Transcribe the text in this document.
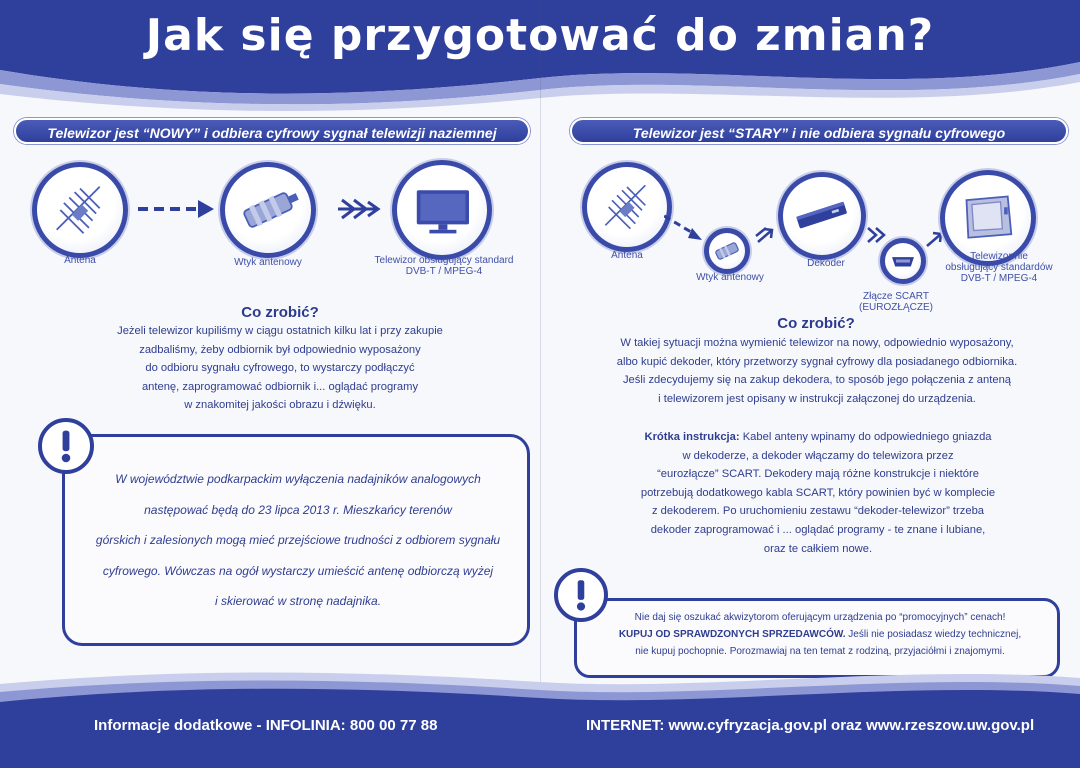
Jak się przygotować do zmian?
Telewizor jest “NOWY” i odbiera cyfrowy sygnał telewizji naziemnej	Telewizor jest “STARY” i nie odbiera sygnału cyfrowego
Antena	Wtyk antenowy	Telewizor obsługujący standard
DVB-T / MPEG-4
Co zrobić?
Jeżeli telewizor kupiliśmy w ciągu ostatnich kilku lat i przy zakupie
zadbaliśmy, żeby odbiornik był odpowiednio wyposażony
do odbioru sygnału cyfrowego, to wystarczy podłączyć
antenę, zaprogramować odbiornik i... oglądać programy
w znakomitej jakości obrazu i dźwięku.
W województwie podkarpackim wyłączenia nadajników analogowych
następować będą do 23 lipca 2013 r. Mieszkańcy terenów
górskich i zalesionych mogą mieć przejściowe trudności z odbiorem sygnału
cyfrowego. Wówczas na ogół wystarczy umieścić antenę odbiorczą wyżej
i skierować w stronę nadajnika.
Antena
Wtyk antenowy
Dekoder
Złącze SCART
(EUROZŁĄCZE)
Telewizor nie
obsługujący standardów
DVB-T / MPEG-4
Co zrobić?
W takiej sytuacji można wymienić telewizor na nowy, odpowiednio wyposażony,
albo kupić dekoder, który przetworzy sygnał cyfrowy dla posiadanego odbiornika.
Jeśli zdecydujemy się na zakup dekodera, to sposób jego połączenia z anteną
i telewizorem jest opisany w instrukcji załączonej do urządzenia.
Krótka instrukcja: Kabel anteny wpinamy do odpowiedniego gniazda
w dekoderze, a dekoder włączamy do telewizora przez
“eurozłącze” SCART. Dekodery mają różne konstrukcje i niektóre
potrzebują dodatkowego kabla SCART, który powinien być w komplecie
z dekoderem. Po uruchomieniu zestawu “dekoder-telewizor” trzeba
dekoder zaprogramować i ... oglądać programy - te znane i lubiane,
oraz te całkiem nowe.
Nie daj się oszukać akwizytorom oferującym urządzenia po “promocyjnych” cenach!
KUPUJ OD SPRAWDZONYCH SPRZEDAWCÓW. Jeśli nie posiadasz wiedzy technicznej,
nie kupuj pochopnie. Porozmawiaj na ten temat z rodziną, przyjaciółmi i znajomymi.
Informacje dodatkowe - INFOLINIA: 800 00 77 88	INTERNET: www.cyfryzacja.gov.pl oraz www.rzeszow.uw.gov.pl
